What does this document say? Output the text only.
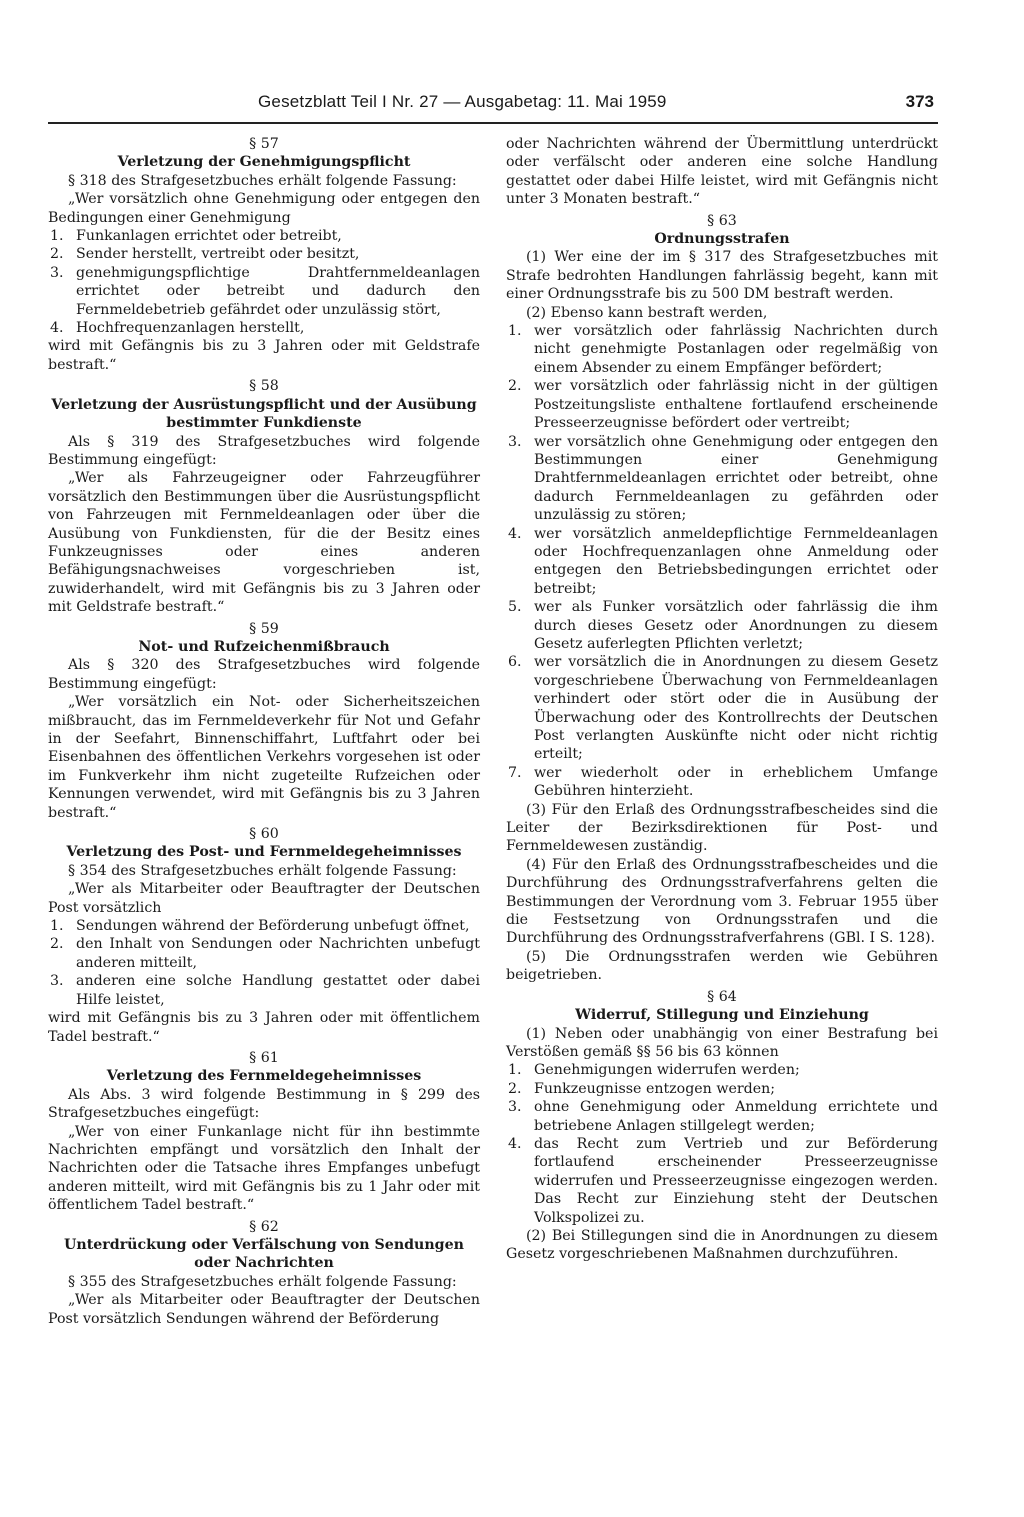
Gesetzblatt Teil I Nr. 27 — Ausgabetag: 11. Mai 1959	373

§ 57

Verletzung der Genehmigungspflicht

§ 318 des Strafgesetzbuches erhält folgende Fassung:

„Wer vorsätzlich ohne Genehmigung oder entgegen den Bedingungen einer Genehmigung

1. Funkanlagen errichtet oder betreibt,
2. Sender herstellt, vertreibt oder besitzt,
3. genehmigungspflichtige Drahtfernmeldeanlagen errichtet oder betreibt und dadurch den Fernmeldebetrieb gefährdet oder unzulässig stört,
4. Hochfrequenzanlagen herstellt,

wird mit Gefängnis bis zu 3 Jahren oder mit Geldstrafe bestraft.“

§ 58

Verletzung der Ausrüstungspflicht und der Ausübung bestimmter Funkdienste

Als § 319 des Strafgesetzbuches wird folgende Bestimmung eingefügt:

„Wer als Fahrzeugeigner oder Fahrzeugführer vorsätzlich den Bestimmungen über die Ausrüstungspflicht von Fahrzeugen mit Fernmeldeanlagen oder über die Ausübung von Funkdiensten, für die der Besitz eines Funkzeugnisses oder eines anderen Befähigungsnachweises vorgeschrieben ist, zuwiderhandelt, wird mit Gefängnis bis zu 3 Jahren oder mit Geldstrafe bestraft.“

§ 59

Not- und Rufzeichenmißbrauch

Als § 320 des Strafgesetzbuches wird folgende Bestimmung eingefügt:

„Wer vorsätzlich ein Not- oder Sicherheitszeichen mißbraucht, das im Fernmeldeverkehr für Not und Gefahr in der Seefahrt, Binnenschiffahrt, Luftfahrt oder bei Eisenbahnen des öffentlichen Verkehrs vorgesehen ist oder im Funkverkehr ihm nicht zugeteilte Rufzeichen oder Kennungen verwendet, wird mit Gefängnis bis zu 3 Jahren bestraft.“

§ 60

Verletzung des Post- und Fernmeldegeheimnisses

§ 354 des Strafgesetzbuches erhält folgende Fassung:

„Wer als Mitarbeiter oder Beauftragter der Deutschen Post vorsätzlich

1. Sendungen während der Beförderung unbefugt öffnet,
2. den Inhalt von Sendungen oder Nachrichten unbefugt anderen mitteilt,
3. anderen eine solche Handlung gestattet oder dabei Hilfe leistet,

wird mit Gefängnis bis zu 3 Jahren oder mit öffentlichem Tadel bestraft.“

§ 61

Verletzung des Fernmeldegeheimnisses

Als Abs. 3 wird folgende Bestimmung in § 299 des Strafgesetzbuches eingefügt:

„Wer von einer Funkanlage nicht für ihn bestimmte Nachrichten empfängt und vorsätzlich den Inhalt der Nachrichten oder die Tatsache ihres Empfanges unbefugt anderen mitteilt, wird mit Gefängnis bis zu 1 Jahr oder mit öffentlichem Tadel bestraft.“

§ 62

Unterdrückung oder Verfälschung von Sendungen oder Nachrichten

§ 355 des Strafgesetzbuches erhält folgende Fassung:

„Wer als Mitarbeiter oder Beauftragter der Deutschen Post vorsätzlich Sendungen während der Beförderung

oder Nachrichten während der Übermittlung unterdrückt oder verfälscht oder anderen eine solche Handlung gestattet oder dabei Hilfe leistet, wird mit Gefängnis nicht unter 3 Monaten bestraft.“

§ 63

Ordnungsstrafen

(1) Wer eine der im § 317 des Strafgesetzbuches mit Strafe bedrohten Handlungen fahrlässig begeht, kann mit einer Ordnungsstrafe bis zu 500 DM bestraft werden.

(2) Ebenso kann bestraft werden,

1. wer vorsätzlich oder fahrlässig Nachrichten durch nicht genehmigte Postanlagen oder regelmäßig von einem Absender zu einem Empfänger befördert;
2. wer vorsätzlich oder fahrlässig nicht in der gültigen Postzeitungsliste enthaltene fortlaufend erscheinende Presseerzeugnisse befördert oder vertreibt;
3. wer vorsätzlich ohne Genehmigung oder entgegen den Bestimmungen einer Genehmigung Drahtfernmeldeanlagen errichtet oder betreibt, ohne dadurch Fernmeldeanlagen zu gefährden oder unzulässig zu stören;
4. wer vorsätzlich anmeldepflichtige Fernmeldeanlagen oder Hochfrequenzanlagen ohne Anmeldung oder entgegen den Betriebsbedingungen errichtet oder betreibt;
5. wer als Funker vorsätzlich oder fahrlässig die ihm durch dieses Gesetz oder Anordnungen zu diesem Gesetz auferlegten Pflichten verletzt;
6. wer vorsätzlich die in Anordnungen zu diesem Gesetz vorgeschriebene Überwachung von Fernmeldeanlagen verhindert oder stört oder die in Ausübung der Überwachung oder des Kontrollrechts der Deutschen Post verlangten Auskünfte nicht oder nicht richtig erteilt;
7. wer wiederholt oder in erheblichem Umfange Gebühren hinterzieht.

(3) Für den Erlaß des Ordnungsstrafbescheides sind die Leiter der Bezirksdirektionen für Post- und Fernmeldewesen zuständig.

(4) Für den Erlaß des Ordnungsstrafbescheides und die Durchführung des Ordnungsstrafverfahrens gelten die Bestimmungen der Verordnung vom 3. Februar 1955 über die Festsetzung von Ordnungsstrafen und die Durchführung des Ordnungsstrafverfahrens (GBl. I S. 128).

(5) Die Ordnungsstrafen werden wie Gebühren beigetrieben.

§ 64

Widerruf, Stillegung und Einziehung

(1) Neben oder unabhängig von einer Bestrafung bei Verstößen gemäß §§ 56 bis 63 können

1. Genehmigungen widerrufen werden;
2. Funkzeugnisse entzogen werden;
3. ohne Genehmigung oder Anmeldung errichtete und betriebene Anlagen stillgelegt werden;
4. das Recht zum Vertrieb und zur Beförderung fortlaufend erscheinender Presseerzeugnisse widerrufen und Presseerzeugnisse eingezogen werden. Das Recht zur Einziehung steht der Deutschen Volkspolizei zu.

(2) Bei Stillegungen sind die in Anordnungen zu diesem Gesetz vorgeschriebenen Maßnahmen durchzuführen.
